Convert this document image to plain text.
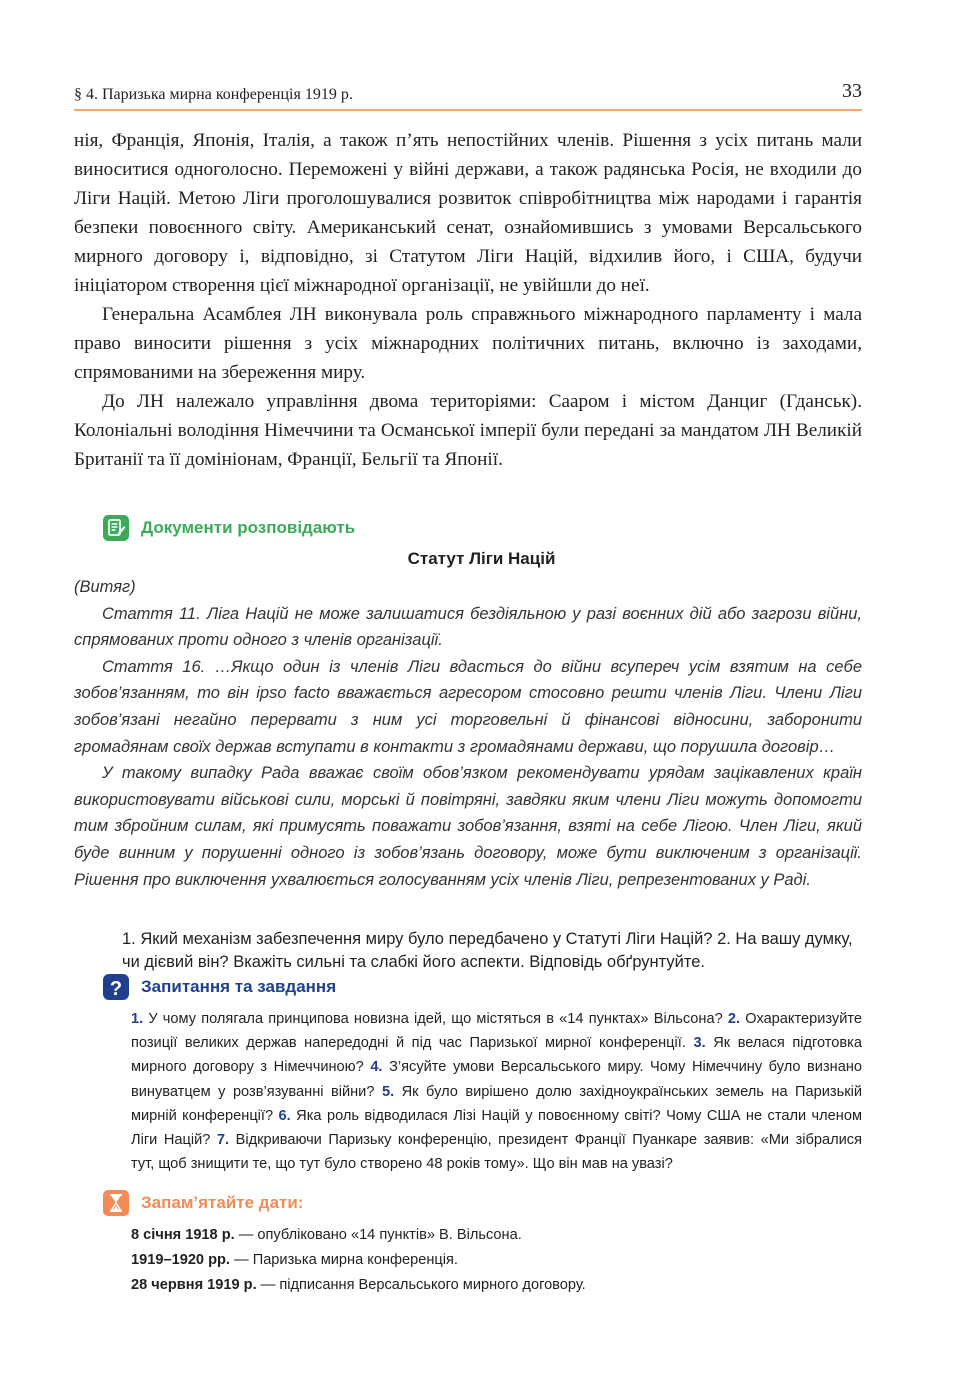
§ 4. Паризька мирна конференція 1919 р.	33

нія, Франція, Японія, Італія, а також п’ять непостійних членів. Рішення з усіх питань мали виноситися одноголосно. Переможені у війні держави, а також радянська Росія, не входили до Ліги Націй. Метою Ліги проголошувалися розвиток співробітництва між народами і гарантія безпеки повоєнного світу. Американський сенат, ознайомившись з умовами Версальського мирного договору і, відповідно, зі Статутом Ліги Націй, відхилив його, і США, будучи ініціатором створення цієї міжнародної організації, не увійшли до неї.

Генеральна Асамблея ЛН виконувала роль справжнього міжнародного парламенту і мала право виносити рішення з усіх міжнародних політичних питань, включно із заходами, спрямованими на збереження миру.

До ЛН належало управління двома територіями: Сааром і містом Данциг (Гданськ). Колоніальні володіння Німеччини та Османської імперії були передані за мандатом ЛН Великій Британії та її домініонам, Франції, Бельгії та Японії.

Документи розповідають
Статут Ліги Націй

(Витяг)

Стаття 11. Ліга Націй не може залишатися бездіяльною у разі воєнних дій або загрози війни, спрямованих проти одного з членів організації.

Стаття 16. …Якщо один із членів Ліги вдасться до війни всупереч усім взятим на себе зобов’язанням, то він ipso facto вважається агресором стосовно решти членів Ліги. Члени Ліги зобов’язані негайно перервати з ним усі торговельні й фінансові відносини, заборонити громадянам своїх держав вступати в контакти з громадянами держави, що порушила договір…

У такому випадку Рада вважає своїм обов’язком рекомендувати урядам зацікавлених країн використовувати військові сили, морські й повітряні, завдяки яким члени Ліги можуть допомогти тим збройним силам, які примусять поважати зобов’язання, взяті на себе Лігою. Член Ліги, який буде винним у порушенні одного із зобов’язань договору, може бути виключеним з організації. Рішення про виключення ухвалюється голосуванням усіх членів Ліги, репрезентованих у Раді.

1. Який механізм забезпечення миру було передбачено у Статуті Ліги Націй? 2. На вашу думку, чи дієвий він? Вкажіть сильні та слабкі його аспекти. Відповідь обґрунтуйте.
? Запитання та завдання
1. У чому полягала принципова новизна ідей, що містяться в «14 пунктах» Вільсона? 2. Охарактеризуйте позиції великих держав напередодні й під час Паризької мирної конференції. 3. Як велася підготовка мирного договору з Німеччиною? 4. З’ясуйте умови Версальського миру. Чому Німеччину було визнано винуватцем у розв’язуванні війни? 5. Як було вирішено долю західноукраїнських земель на Паризькій мирній конференції? 6. Яка роль відводилася Лізі Націй у повоєнному світі? Чому США не стали членом Ліги Націй? 7. Відкриваючи Паризьку конференцію, президент Франції Пуанкаре заявив: «Ми зібралися тут, щоб знищити те, що тут було створено 48 років тому». Що він мав на увазі?
Запам’ятайте дати:
8 січня 1918 р. — опубліковано «14 пунктів» В. Вільсона.
1919–1920 рр. — Паризька мирна конференція.
28 червня 1919 р. — підписання Версальського мирного договору.
